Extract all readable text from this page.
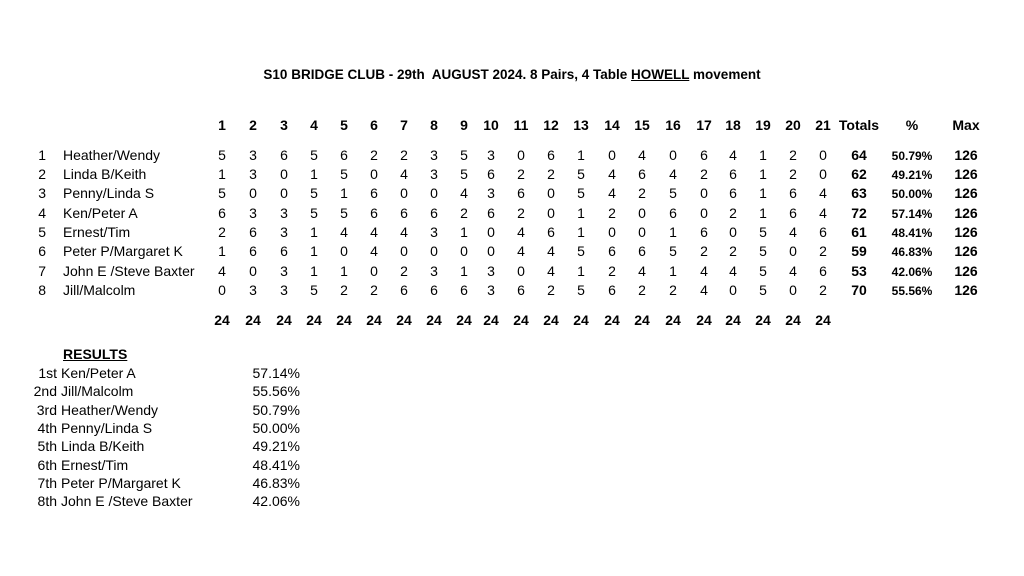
S10 BRIDGE CLUB - 29th  AUGUST 2024. 8 Pairs, 4 Table HOWELL movement
1 2 3 4 5 6 7 8 9 10 11 12 13 14 15 16 17 18 19 20 21 Totals % Max
1 Heather/Wendy	5 3 6 5 6 2 2 3 5 3 0 6 1 0 4 0 6 4 1 2 0 64 50.79% 126
2 Linda B/Keith	1 3 0 1 5 0 4 3 5 6 2 2 5 4 6 4 2 6 1 2 0 62 49.21% 126
3 Penny/Linda S	5 0 0 5 1 6 0 0 4 3 6 0 5 4 2 5 0 6 1 6 4 63 50.00% 126
4 Ken/Peter A	6 3 3 5 5 6 6 6 2 6 2 0 1 2 0 6 0 2 1 6 4 72 57.14% 126
5 Ernest/Tim	2 6 3 1 4 4 4 3 1 0 4 6 1 0 0 1 6 0 5 4 6 61 48.41% 126
6 Peter P/Margaret K	1 6 6 1 0 4 0 0 0 0 4 4 5 6 6 5 2 2 5 0 2 59 46.83% 126
7 John E /Steve Baxter 4 0 3 1 1 0 2 3 1 3 0 4 1 2 4 1 4 4 5 4 6 53 42.06% 126
8 Jill/Malcolm	0 3 3 5 2 2 6 6 6 3 6 2 5 6 2 2 4 0 5 0 2 70 55.56% 126
24 24 24 24 24 24 24 24 24 24 24 24 24 24 24 24 24 24 24 24 24
RESULTS
1st Ken/Peter A	57.14%
2nd Jill/Malcolm	55.56%
3rd Heather/Wendy	50.79%
4th Penny/Linda S	50.00%
5th Linda B/Keith	49.21%
6th Ernest/Tim	48.41%
7th Peter P/Margaret K	46.83%
8th John E /Steve Baxter	42.06%
